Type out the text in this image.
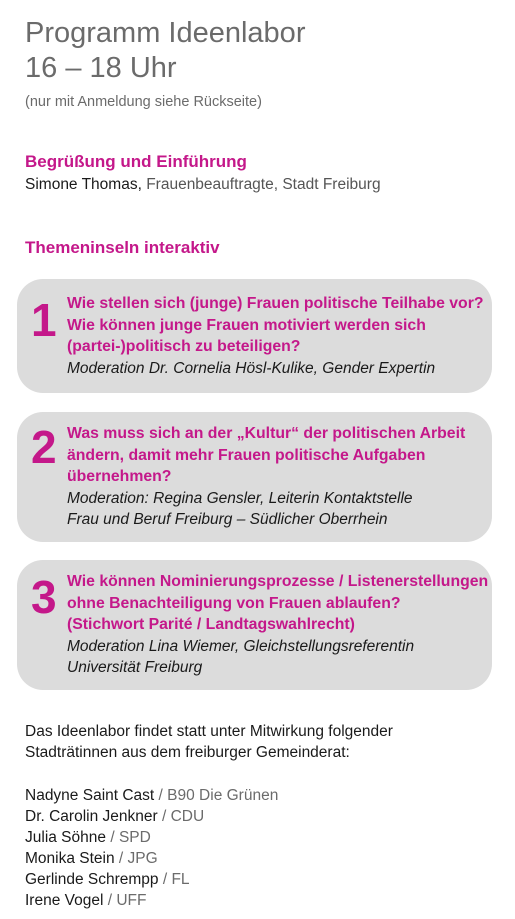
Programm Ideenlabor
16 – 18 Uhr
(nur mit Anmeldung siehe Rückseite)
Begrüßung und Einführung
Simone Thomas, Frauenbeauftragte, Stadt Freiburg
Themeninseln interaktiv
1 Wie stellen sich (junge) Frauen politische Teilhabe vor?
Wie können junge Frauen motiviert werden sich
(partei-)politisch zu beteiligen?
Moderation Dr. Cornelia Hösl-Kulike, Gender Expertin
2 Was muss sich an der „Kultur“ der politischen Arbeit
ändern, damit mehr Frauen politische Aufgaben
übernehmen?
Moderation: Regina Gensler, Leiterin Kontaktstelle
Frau und Beruf Freiburg – Südlicher Oberrhein
3 Wie können Nominierungsprozesse / Listenerstellungen
ohne Benachteiligung von Frauen ablaufen?
(Stichwort Parité / Landtagswahlrecht)
Moderation Lina Wiemer, Gleichstellungsreferentin
Universität Freiburg
Das Ideenlabor findet statt unter Mitwirkung folgender
Stadträtinnen aus dem freiburger Gemeinderat:
Nadyne Saint Cast / B90 Die Grünen
Dr. Carolin Jenkner / CDU
Julia Söhne / SPD
Monika Stein / JPG
Gerlinde Schrempp / FL
Irene Vogel / UFF
